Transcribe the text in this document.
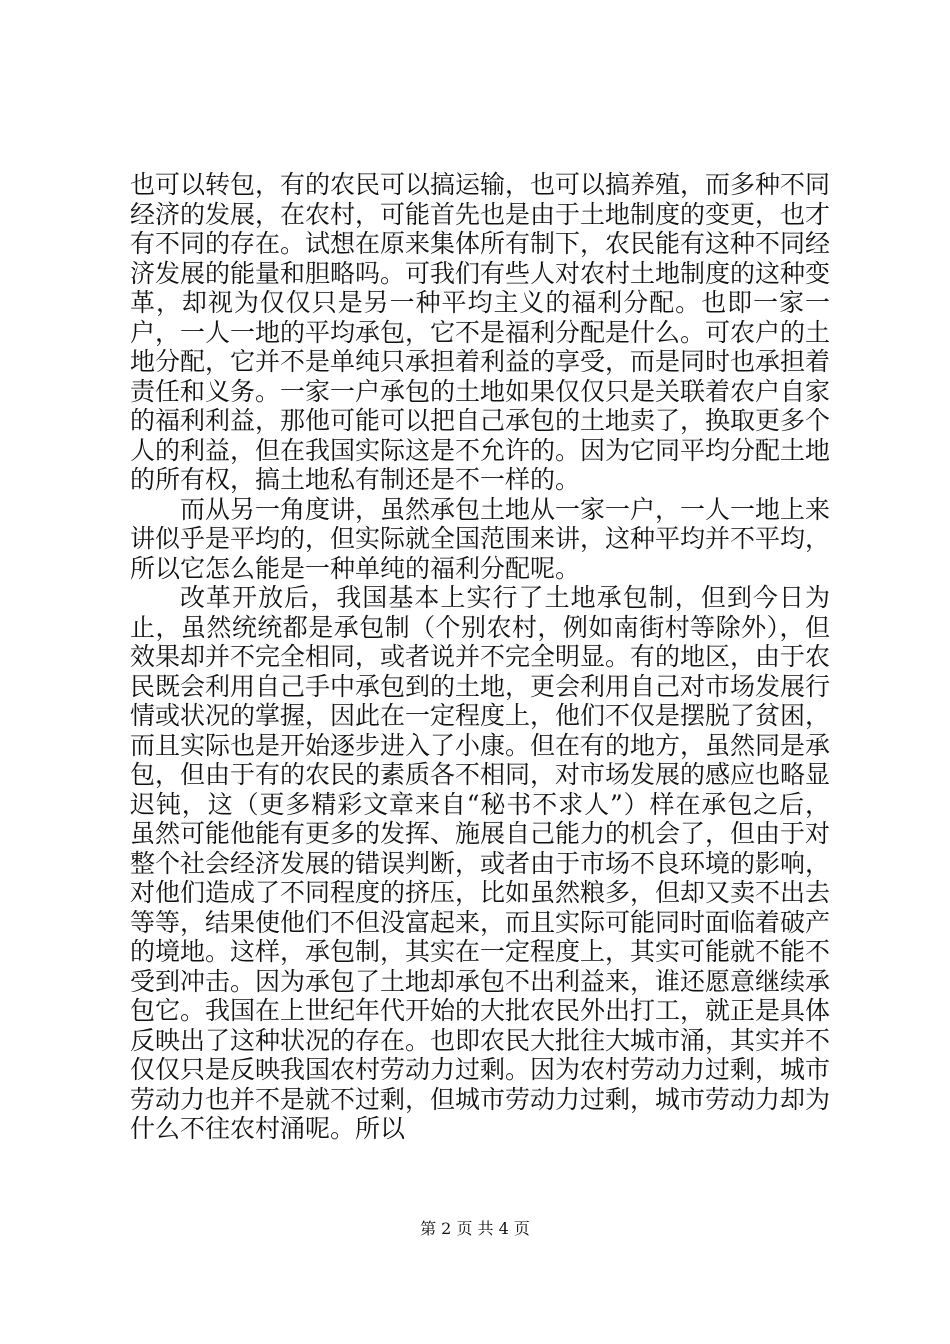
也可以转包，有的农民可以搞运输，也可以搞养殖，而多种不同经济的发展，在农村，可能首先也是由于土地制度的变更，也才有不同的存在。试想在原来集体所有制下，农民能有这种不同经济发展的能量和胆略吗。可我们有些人对农村土地制度的这种变革，却视为仅仅只是另一种平均主义的福利分配。也即一家一户，一人一地的平均承包，它不是福利分配是什么。可农户的土地分配，它并不是单纯只承担着利益的享受，而是同时也承担着责任和义务。一家一户承包的土地如果仅仅只是关联着农户自家的福利利益，那他可能可以把自己承包的土地卖了，换取更多个人的利益，但在我国实际这是不允许的。因为它同平均分配土地的所有权，搞土地私有制还是不一样的。

而从另一角度讲，虽然承包土地从一家一户，一人一地上来讲似乎是平均的，但实际就全国范围来讲，这种平均并不平均，所以它怎么能是一种单纯的福利分配呢。

改革开放后，我国基本上实行了土地承包制，但到今日为止，虽然统统都是承包制（个别农村，例如南街村等除外），但效果却并不完全相同，或者说并不完全明显。有的地区，由于农民既会利用自己手中承包到的土地，更会利用自己对市场发展行情或状况的掌握，因此在一定程度上，他们不仅是摆脱了贫困，而且实际也是开始逐步进入了小康。但在有的地方，虽然同是承包，但由于有的农民的素质各不相同，对市场发展的感应也略显迟钝，这（更多精彩文章来自“秘书不求人”）样在承包之后，虽然可能他能有更多的发挥、施展自己能力的机会了，但由于对整个社会经济发展的错误判断，或者由于市场不良环境的影响，对他们造成了不同程度的挤压，比如虽然粮多，但却又卖不出去等等，结果使他们不但没富起来，而且实际可能同时面临着破产的境地。这样，承包制，其实在一定程度上，其实可能就不能不受到冲击。因为承包了土地却承包不出利益来，谁还愿意继续承包它。我国在上世纪年代开始的大批农民外出打工，就正是具体反映出了这种状况的存在。也即农民大批往大城市涌，其实并不仅仅只是反映我国农村劳动力过剩。因为农村劳动力过剩，城市劳动力也并不是就不过剩，但城市劳动力过剩，城市劳动力却为什么不往农村涌呢。所以

第 2 页 共 4 页
